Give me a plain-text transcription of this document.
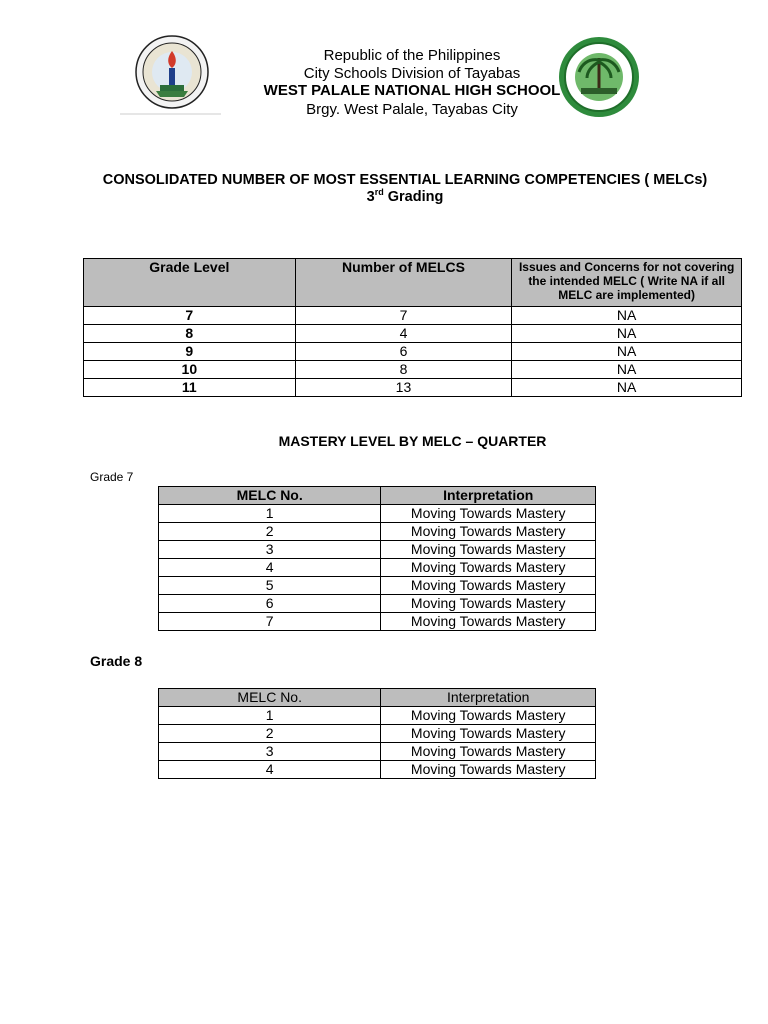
Republic of the Philippines
City Schools Division of Tayabas
WEST PALALE NATIONAL HIGH SCHOOL
Brgy. West Palale, Tayabas City
CONSOLIDATED NUMBER OF MOST ESSENTIAL LEARNING COMPETENCIES ( MELCs)
3rd Grading
Grade Level	Number of MELCS	Issues and Concerns for not covering the intended MELC ( Write NA if all MELC are implemented)
7	7	NA
8	4	NA
9	6	NA
10	8	NA
11	13	NA
MASTERY LEVEL BY MELC – QUARTER
Grade 7
MELC No.	Interpretation
1	Moving Towards Mastery
2	Moving Towards Mastery
3	Moving Towards Mastery
4	Moving Towards Mastery
5	Moving Towards Mastery
6	Moving Towards Mastery
7	Moving Towards Mastery
Grade 8
MELC No.	Interpretation
1	Moving Towards Mastery
2	Moving Towards Mastery
3	Moving Towards Mastery
4	Moving Towards Mastery
